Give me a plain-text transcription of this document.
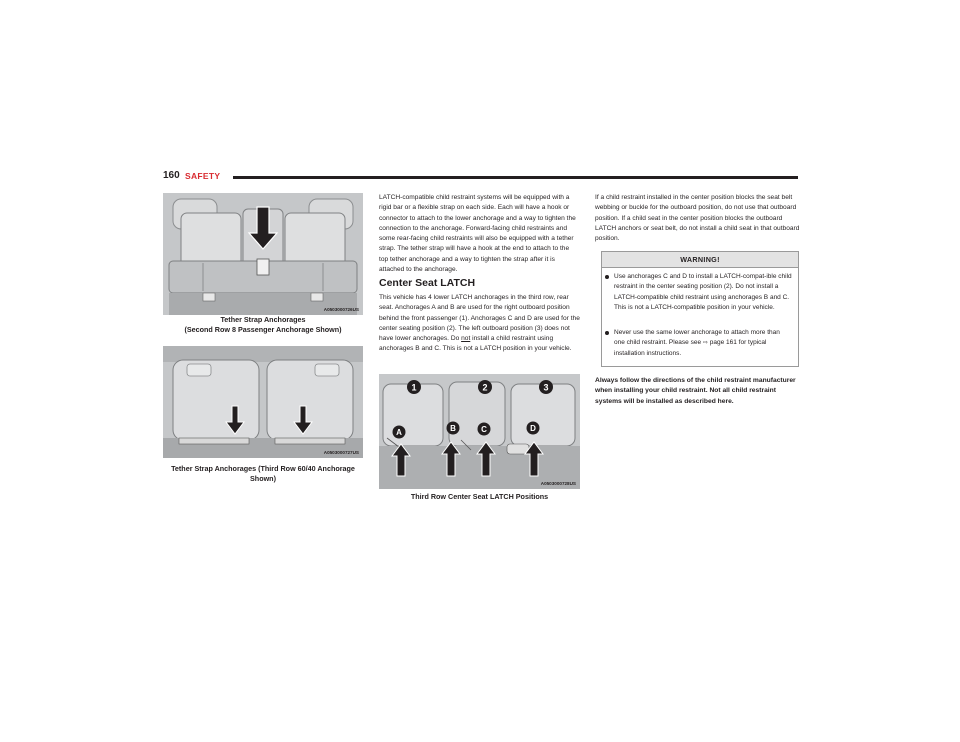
160 SAFETY
A0503000726US
Tether Strap Anchorages
(Second Row 8 Passenger Anchorage Shown)
A0503000727US
Tether Strap Anchorages (Third Row 60/40 Anchorage Shown)

LATCH-compatible child restraint systems will be equipped with a rigid bar or a flexible strap on each side. Each will have a hook or connector to attach to the lower anchorage and a way to tighten the connection to the anchorage. Forward-facing child restraints and some rear-facing child restraints will also be equipped with a tether strap. The tether strap will have a hook at the end to attach to the top tether anchorage and a way to tighten the strap after it is attached to the anchorage.

Center Seat LATCH

This vehicle has 4 lower LATCH anchorages in the third row, rear seat. Anchorages A and B are used for the right outboard position behind the front passenger (1). Anchorages C and D are used for the center seating position (2). The left outboard position (3) does not have lower anchorages. Do not install a child restraint using anchorages B and C. This is not a LATCH position in your vehicle.

1	2	3
A	B	C	D
A0503000728US
Third Row Center Seat LATCH Positions

If a child restraint installed in the center position blocks the seat belt webbing or buckle for the outboard position, do not use that outboard position. If a child seat in the center position blocks the outboard LATCH anchors or seat belt, do not install a child seat in that outboard position.

WARNING!
Use anchorages C and D to install a LATCH-compat-ible child restraint in the center seating position (2). Do not install a LATCH-compatible child restraint using anchorages B and C. This is not a LATCH-compatible position in your vehicle.
Never use the same lower anchorage to attach more than one child restraint. Please see ⇨ page 161 for typical installation instructions.

Always follow the directions of the child restraint manufacturer when installing your child restraint. Not all child restraint systems will be installed as described here.
